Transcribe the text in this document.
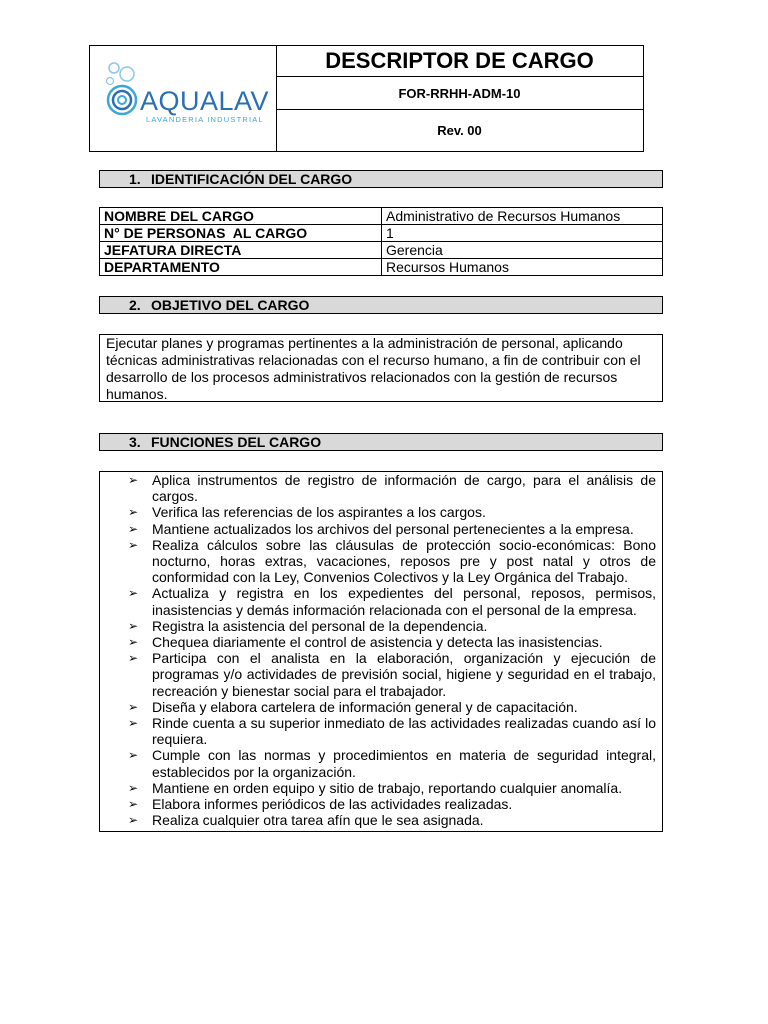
AQUALAV
LAVANDERIA INDUSTRIAL
DESCRIPTOR DE CARGO
FOR-RRHH-ADM-10
Rev. 00
1. IDENTIFICACIÓN DEL CARGO
NOMBRE DEL CARGO	Administrativo de Recursos Humanos
N° DE PERSONAS  AL CARGO	1
JEFATURA DIRECTA	Gerencia
DEPARTAMENTO	Recursos Humanos
2. OBJETIVO DEL CARGO
Ejecutar planes y programas pertinentes a la administración de personal, aplicando técnicas administrativas relacionadas con el recurso humano, a fin de contribuir con el desarrollo de los procesos administrativos relacionados con la gestión de recursos humanos.
3. FUNCIONES DEL CARGO
➢ Aplica instrumentos de registro de información de cargo, para el análisis de cargos.
➢ Verifica las referencias de los aspirantes a los cargos.
➢ Mantiene actualizados los archivos del personal pertenecientes a la empresa.
➢ Realiza cálculos sobre las cláusulas de protección socio-económicas: Bono nocturno, horas extras, vacaciones, reposos pre y post natal y otros de conformidad con la Ley, Convenios Colectivos y la Ley Orgánica del Trabajo.
➢ Actualiza y registra en los expedientes del personal, reposos, permisos, inasistencias y demás información relacionada con el personal de la empresa.
➢ Registra la asistencia del personal de la dependencia.
➢ Chequea diariamente el control de asistencia y detecta las inasistencias.
➢ Participa con el analista en la elaboración, organización y ejecución de programas y/o actividades de previsión social, higiene y seguridad en el trabajo, recreación y bienestar social para el trabajador.
➢ Diseña y elabora cartelera de información general y de capacitación.
➢ Rinde cuenta a su superior inmediato de las actividades realizadas cuando así lo requiera.
➢ Cumple con las normas y procedimientos en materia de seguridad integral, establecidos por la organización.
➢ Mantiene en orden equipo y sitio de trabajo, reportando cualquier anomalía.
➢ Elabora informes periódicos de las actividades realizadas.
➢ Realiza cualquier otra tarea afín que le sea asignada.
